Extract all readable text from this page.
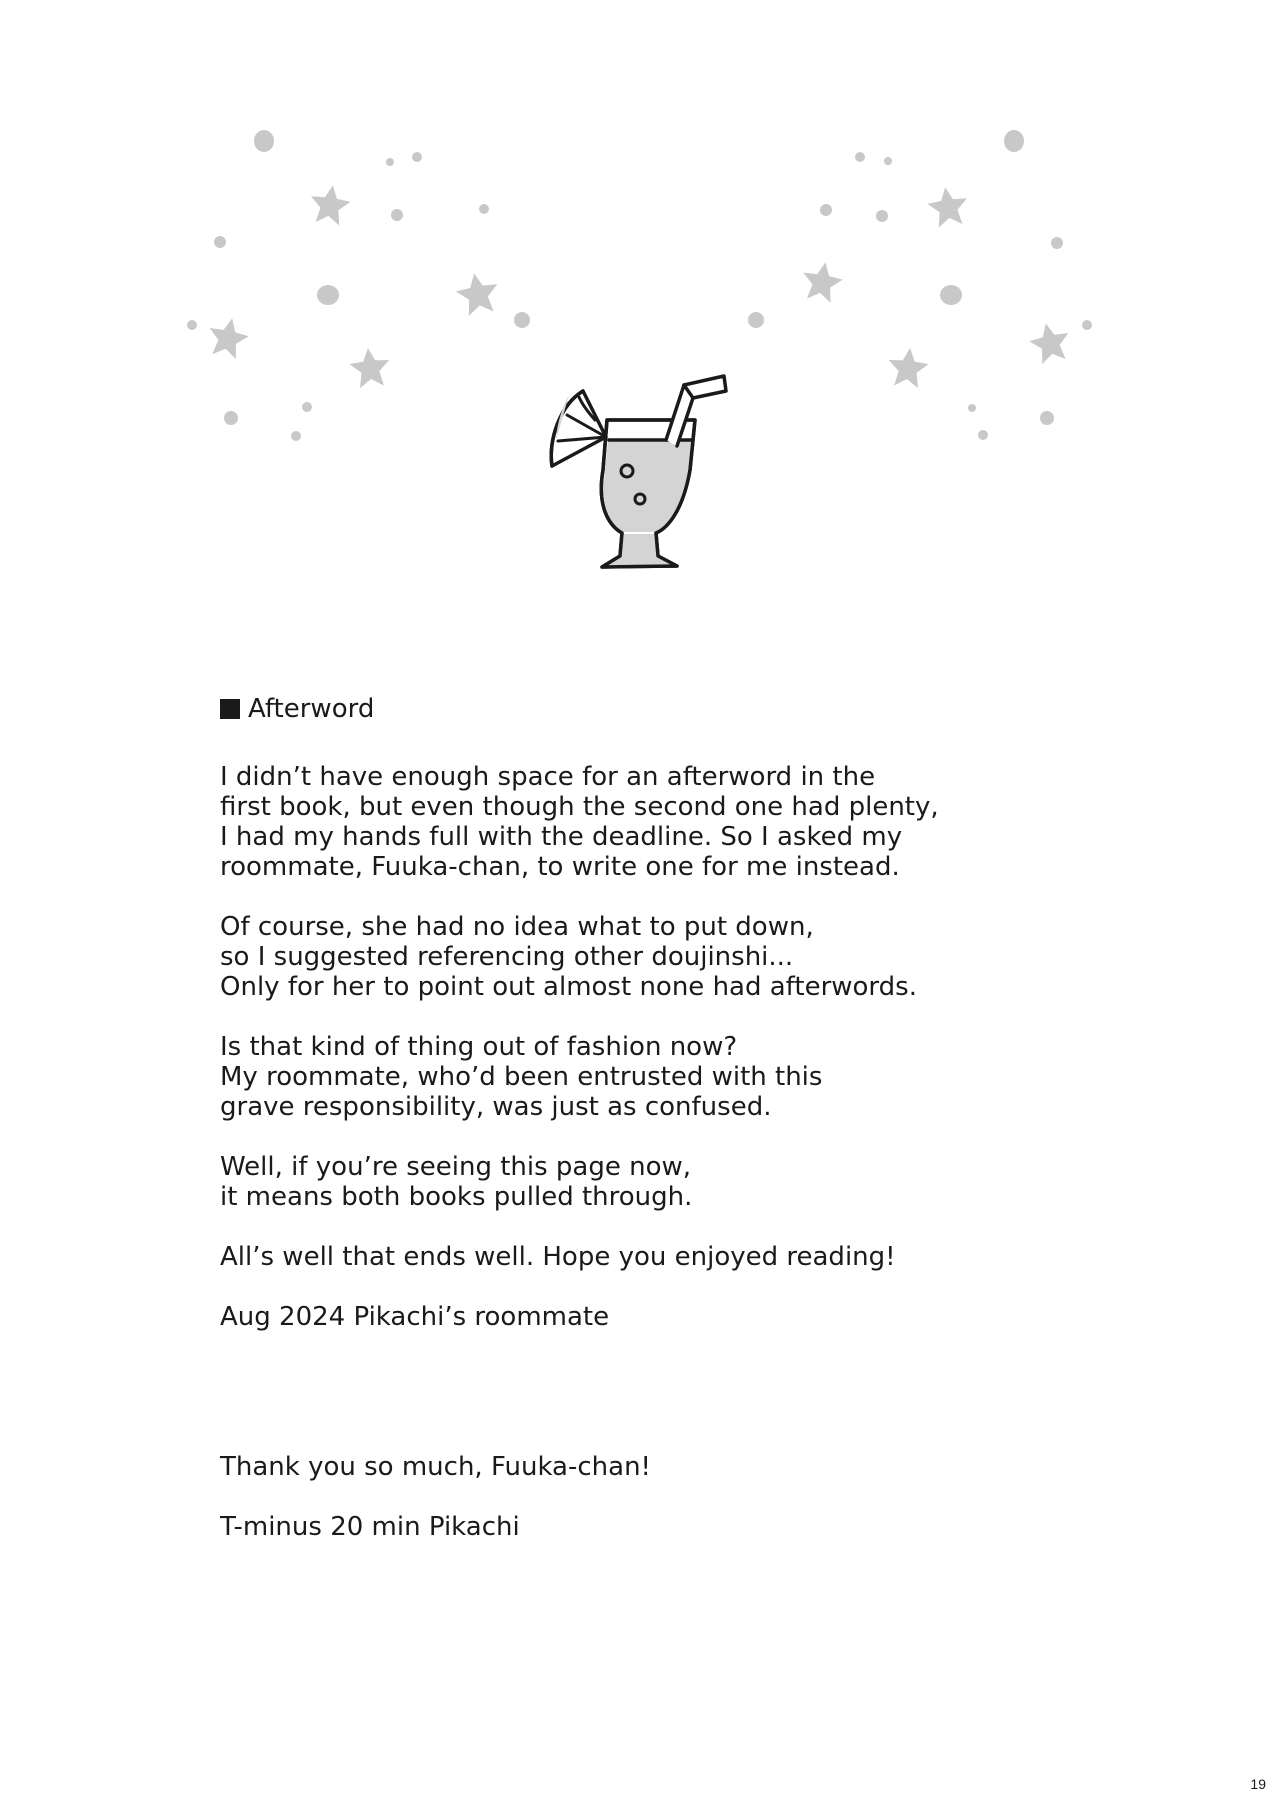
Afterword
I didn’t have enough space for an afterword in the
first book, but even though the second one had plenty,
I had my hands full with the deadline. So I asked my
roommate, Fuuka-chan, to write one for me instead.
Of course, she had no idea what to put down,
so I suggested referencing other doujinshi...
Only for her to point out almost none had afterwords.
Is that kind of thing out of fashion now?
My roommate, who’d been entrusted with this
grave responsibility, was just as confused.
Well, if you’re seeing this page now,
it means both books pulled through.
All’s well that ends well. Hope you enjoyed reading!
Aug 2024 Pikachi’s roommate
Thank you so much, Fuuka-chan!
T-minus 20 min Pikachi
19
